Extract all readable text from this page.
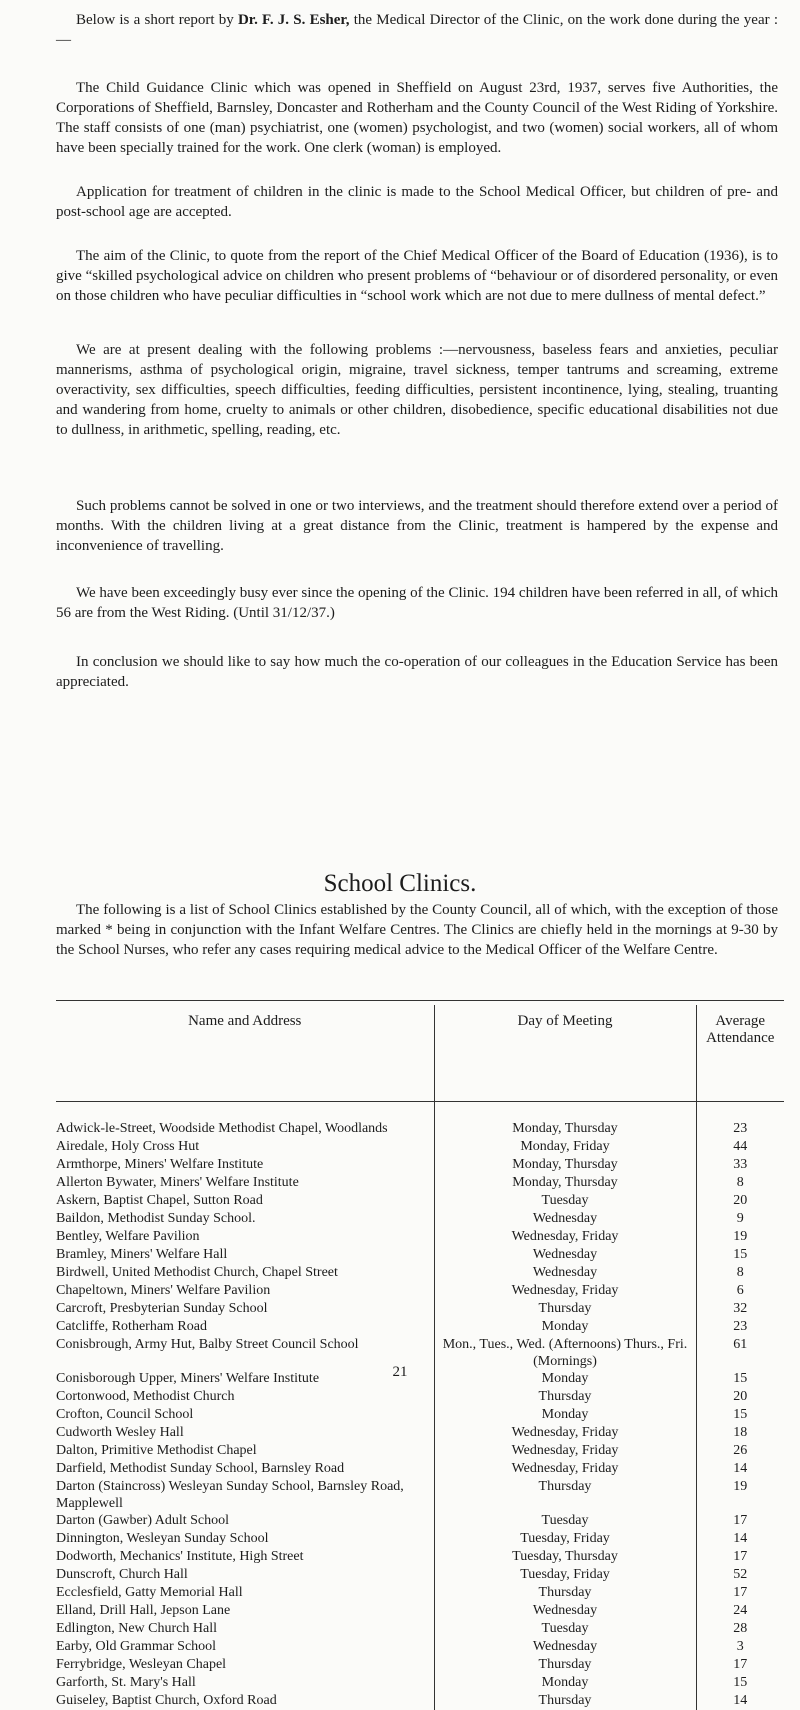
Below is a short report by Dr. F. J. S. Esher, the Medical Director of the Clinic, on the work done during the year :—

The Child Guidance Clinic which was opened in Sheffield on August 23rd, 1937, serves five Authorities, the Corporations of Sheffield, Barnsley, Doncaster and Rotherham and the County Council of the West Riding of Yorkshire. The staff consists of one (man) psychiatrist, one (women) psychologist, and two (women) social workers, all of whom have been specially trained for the work. One clerk (woman) is employed.

Application for treatment of children in the clinic is made to the School Medical Officer, but children of pre- and post-school age are accepted.

The aim of the Clinic, to quote from the report of the Chief Medical Officer of the Board of Education (1936), is to give “skilled psychological advice on children who present problems of “behaviour or of disordered personality, or even on those children who have peculiar difficulties in “school work which are not due to mere dullness of mental defect.”

We are at present dealing with the following problems :—nervousness, baseless fears and anxieties, peculiar mannerisms, asthma of psychological origin, migraine, travel sickness, temper tantrums and screaming, extreme overactivity, sex difficulties, speech difficulties, feeding difficulties, persistent incontinence, lying, stealing, truanting and wandering from home, cruelty to animals or other children, disobedience, specific educational disabilities not due to dullness, in arithmetic, spelling, reading, etc.

Such problems cannot be solved in one or two interviews, and the treatment should therefore extend over a period of months. With the children living at a great distance from the Clinic, treatment is hampered by the expense and inconvenience of travelling.

We have been exceedingly busy ever since the opening of the Clinic. 194 children have been referred in all, of which 56 are from the West Riding. (Until 31/12/37.)

In conclusion we should like to say how much the co-operation of our colleagues in the Education Service has been appreciated.

School Clinics.

The following is a list of School Clinics established by the County Council, all of which, with the exception of those marked * being in conjunction with the Infant Welfare Centres. The Clinics are chiefly held in the mornings at 9-30 by the School Nurses, who refer any cases requiring medical advice to the Medical Officer of the Welfare Centre.

Name and Address	Day of Meeting	Average Attendance

Adwick-le-Street, Woodside Methodist Chapel, Woodlands	Monday, Thursday	23
Airedale, Holy Cross Hut	Monday, Friday	44
Armthorpe, Miners' Welfare Institute	Monday, Thursday	33
Allerton Bywater, Miners' Welfare Institute	Monday, Thursday	8
Askern, Baptist Chapel, Sutton Road	Tuesday	20
Baildon, Methodist Sunday School.	Wednesday	9
Bentley, Welfare Pavilion	Wednesday, Friday	19
Bramley, Miners' Welfare Hall	Wednesday	15
Birdwell, United Methodist Church, Chapel Street	Wednesday	8
Chapeltown, Miners' Welfare Pavilion	Wednesday, Friday	6
Carcroft, Presbyterian Sunday School	Thursday	32
Catcliffe, Rotherham Road	Monday	23
Conisbrough, Army Hut, Balby Street Council School	Mon., Tues., Wed. (Afternoons) Thurs., Fri. (Mornings)	61
Conisborough Upper, Miners' Welfare Institute	Monday	15
Cortonwood, Methodist Church	Thursday	20
Crofton, Council School	Monday	15
Cudworth Wesley Hall	Wednesday, Friday	18
Dalton, Primitive Methodist Chapel	Wednesday, Friday	26
Darfield, Methodist Sunday School, Barnsley Road	Wednesday, Friday	14
Darton (Staincross) Wesleyan Sunday School, Barnsley Road, Mapplewell	Thursday	19
Darton (Gawber) Adult School	Tuesday	17
Dinnington, Wesleyan Sunday School	Tuesday, Friday	14
Dodworth, Mechanics' Institute, High Street	Tuesday, Thursday	17
Dunscroft, Church Hall	Tuesday, Friday	52
Ecclesfield, Gatty Memorial Hall	Thursday	17
Elland, Drill Hall, Jepson Lane	Wednesday	24
Edlington, New Church Hall	Tuesday	28
Earby, Old Grammar School	Wednesday	3
Ferrybridge, Wesleyan Chapel	Thursday	17
Garforth, St. Mary's Hall	Monday	15
Guiseley, Baptist Church, Oxford Road	Thursday	14
21
